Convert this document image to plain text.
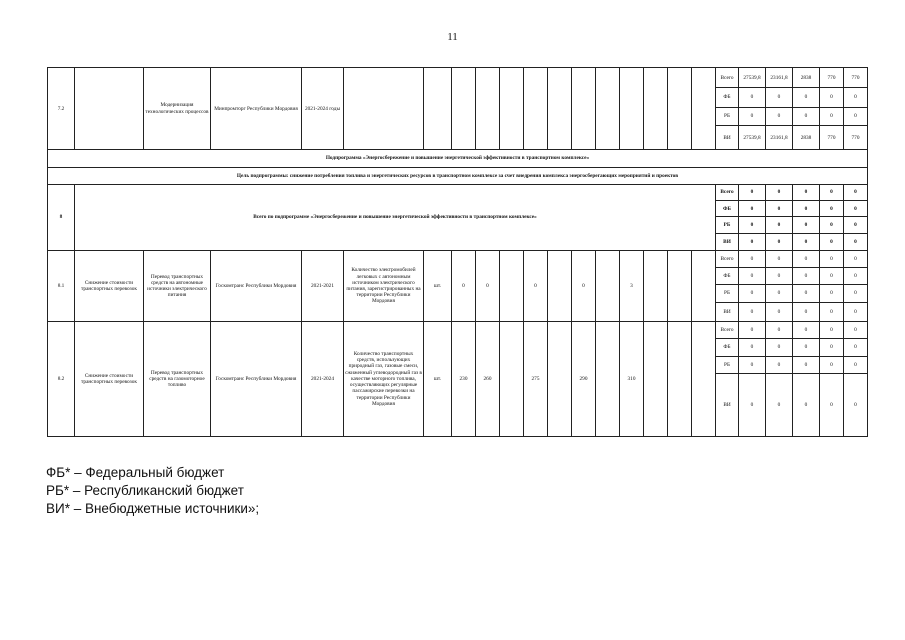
11
7.2		Модернизация технологических процессов	Минпромторг Республики Мордовия	2021-2024 годы														Всего	27539,8	23161,8	2838	770	770
																		ФБ	0	0	0	0	0
																		РБ	0	0	0	0	0
																		ВИ	27539,8	23161,8	2838	770	770
Подпрограмма «Энергосбережение и повышение энергетической эффективности в транспортном комплексе»																							
Цель подпрограммы: снижение потребления топлива и энергетических ресурсов в транспортном комплексе за счет внедрения комплекса энергосберегающих мероприятий и проектов																							
8	Всего по подпрограмме «Энергосбережение и повышение энергетической эффективности в транспортном комплексе»																	Всего	0	0	0	0	0
																		ФБ	0	0	0	0	0
																		РБ	0	0	0	0	0
																		ВИ	0	0	0	0	0
8.1	Снижение стоимости транспортных перевозок	Перевод транспортных средств на автономные источники электрического питания	Госкомтранс Республики Мордовия	2021-2021	Количество электромобилей легковых с автономным источником электрического питания, зарегистрированных на территории Республики Мордовия	шт.	0	0		0		0		3				Всего	0	0	0	0	0
																		ФБ	0	0	0	0	0
																		РБ	0	0	0	0	0
																		ВИ	0	0	0	0	0
8.2	Снижение стоимости транспортных перевозок	Перевод транспортных средств на газомоторное топливо	Госкомтранс Республики Мордовия	2021-2024	Количество транспортных средств, использующих природный газ, газовые смеси, сжиженный углеводородный газ в качестве моторного топлива, осуществляющих регулярные пассажирские перевозки на территории Республики Мордовия	шт.	230	260		275		290		310				Всего	0	0	0	0	0
																		ФБ	0	0	0	0	0
																		РБ	0	0	0	0	0
																		ВИ	0	0	0	0	0
ФБ* – Федеральный бюджет
РБ* – Республиканский бюджет
ВИ* – Внебюджетные источники»;
